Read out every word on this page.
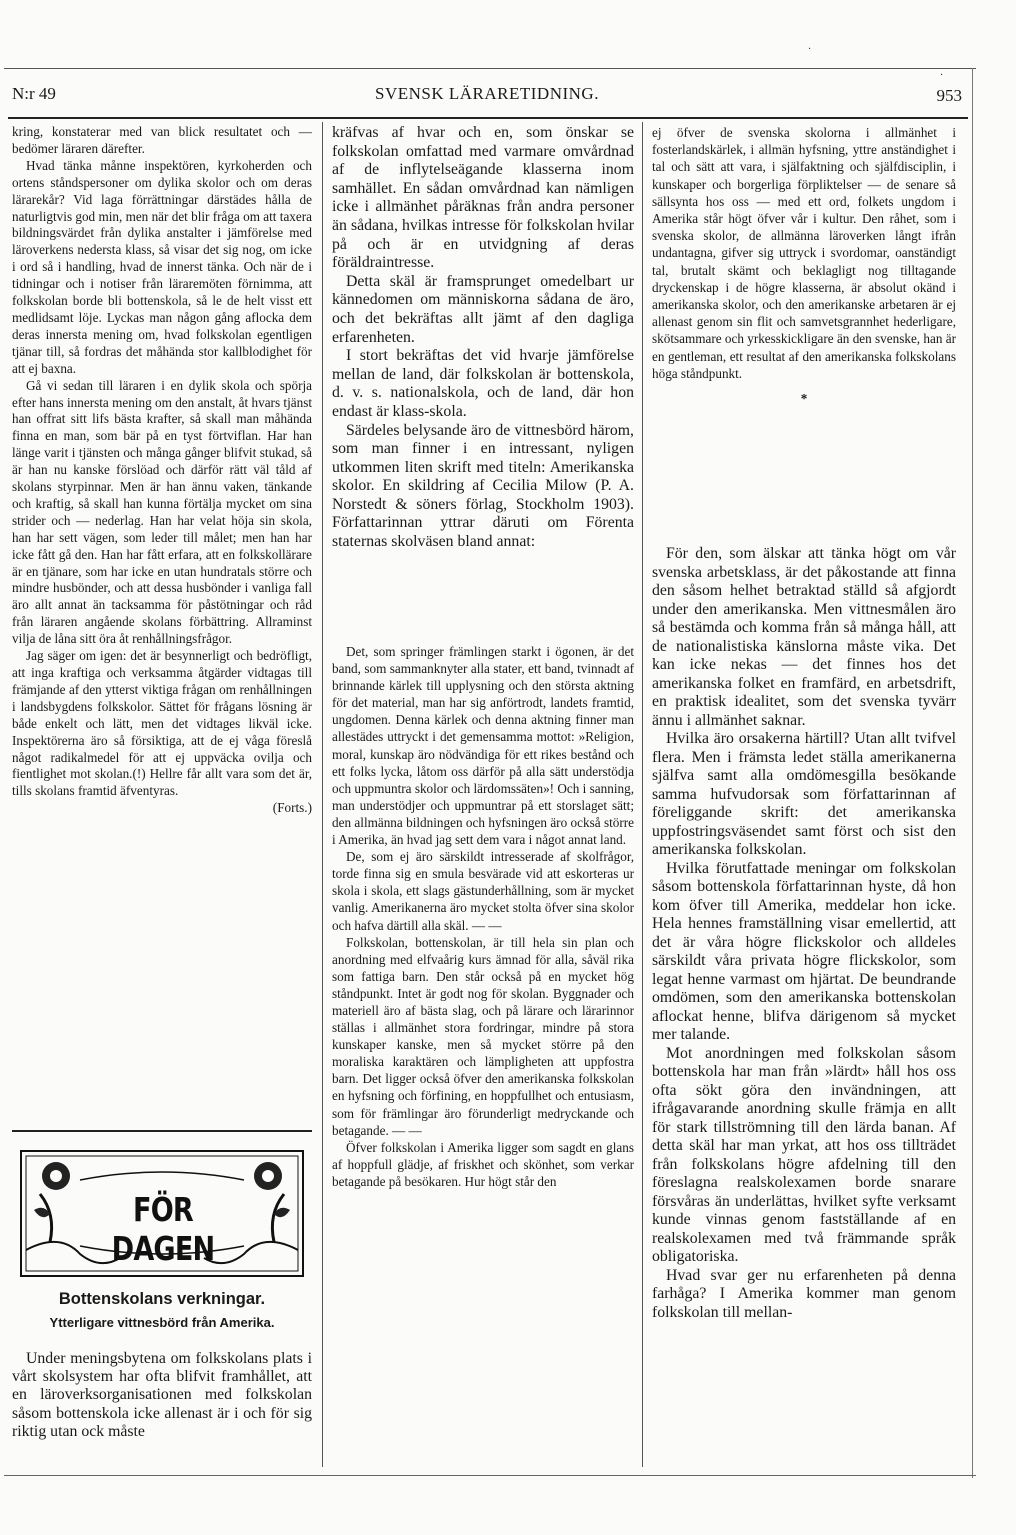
·
·
N:r 49	SVENSK LÄRARETIDNING.	953

kring, konstaterar med van blick resultatet och — bedömer läraren därefter.

Hvad tänka månne inspektören, kyrkoherden och ortens ståndspersoner om dylika skolor och om deras lärarekår? Vid laga förrättningar därstädes hålla de naturligtvis god min, men när det blir fråga om att taxera bildningsvärdet från dylika anstalter i jämförelse med läroverkens nedersta klass, så visar det sig nog, om icke i ord så i handling, hvad de innerst tänka. Och när de i tidningar och i notiser från läraremöten förnimma, att folkskolan borde bli bottenskola, så le de helt visst ett medlidsamt löje. Lyckas man någon gång aflocka dem deras innersta mening om, hvad folkskolan egentligen tjänar till, så fordras det måhända stor kallblodighet för att ej baxna.

Gå vi sedan till läraren i en dylik skola och spörja efter hans innersta mening om den anstalt, åt hvars tjänst han offrat sitt lifs bästa krafter, så skall man måhända finna en man, som bär på en tyst förtviflan. Har han länge varit i tjänsten och många gånger blifvit stukad, så är han nu kanske förslöad och därför rätt väl tåld af skolans styrpinnar. Men är han ännu vaken, tänkande och kraftig, så skall han kunna förtälja mycket om sina strider och — nederlag. Han har velat höja sin skola, han har sett vägen, som leder till målet; men han har icke fått gå den. Han har fått erfara, att en folkskollärare är en tjänare, som har icke en utan hundratals större och mindre husbönder, och att dessa husbönder i vanliga fall äro allt annat än tacksamma för påstötningar och råd från läraren angående skolans förbättring. Allraminst vilja de låna sitt öra åt renhållningsfrågor.

Jag säger om igen: det är besynnerligt och bedröfligt, att inga kraftiga och verksamma åtgärder vidtagas till främjande af den ytterst viktiga frågan om renhållningen i landsbygdens folkskolor. Sättet för frågans lösning är både enkelt och lätt, men det vidtages likväl icke. Inspektörerna äro så försiktiga, att de ej våga föreslå något radikalmedel för att ej uppväcka ovilja och fientlighet mot skolan.(!) Hellre får allt vara som det är, tills skolans framtid äfventyras.

(Forts.)

FÖR DAGEN
Bottenskolans verkningar.
Ytterligare vittnesbörd från Amerika.

Under meningsbytena om folkskolans plats i vårt skolsystem har ofta blifvit framhållet, att en läroverksorganisationen med folkskolan såsom bottenskola icke allenast är i och för sig riktig utan ock måste

kräfvas af hvar och en, som önskar se folkskolan omfattad med varmare omvårdnad af de inflytelseägande klasserna inom samhället. En sådan omvårdnad kan nämligen icke i allmänhet påräknas från andra personer än sådana, hvilkas intresse för folkskolan hvilar på och är en utvidgning af deras föräldraintresse.

Detta skäl är framsprunget omedelbart ur kännedomen om människorna sådana de äro, och det bekräftas allt jämt af den dagliga erfarenheten.

I stort bekräftas det vid hvarje jämförelse mellan de land, där folkskolan är bottenskola, d. v. s. nationalskola, och de land, där hon endast är klass-skola.

Särdeles belysande äro de vittnesbörd härom, som man finner i en intressant, nyligen utkommen liten skrift med titeln: Amerikanska skolor. En skildring af Cecilia Milow (P. A. Norstedt & söners förlag, Stockholm 1903). Författarinnan yttrar däruti om Förenta staternas skolväsen bland annat:

Det, som springer främlingen starkt i ögonen, är det band, som sammanknyter alla stater, ett band, tvinnadt af brinnande kärlek till upplysning och den största aktning för det material, man har sig anförtrodt, landets framtid, ungdomen. Denna kärlek och denna aktning finner man allestädes uttryckt i det gemensamma mottot: »Religion, moral, kunskap äro nödvändiga för ett rikes bestånd och ett folks lycka, låtom oss därför på alla sätt understödja och uppmuntra skolor och lärdomssäten»! Och i sanning, man understödjer och uppmuntrar på ett storslaget sätt; den allmänna bildningen och hyfsningen äro också större i Amerika, än hvad jag sett dem vara i något annat land.

De, som ej äro särskildt intresserade af skolfrågor, torde finna sig en smula besvärade vid att eskorteras ur skola i skola, ett slags gästunderhållning, som är mycket vanlig. Amerikanerna äro mycket stolta öfver sina skolor och hafva därtill alla skäl. — —

Folkskolan, bottenskolan, är till hela sin plan och anordning med elfvaårig kurs ämnad för alla, såväl rika som fattiga barn. Den står också på en mycket hög ståndpunkt. Intet är godt nog för skolan. Byggnader och materiell äro af bästa slag, och på lärare och lärarinnor ställas i allmänhet stora fordringar, mindre på stora kunskaper kanske, men så mycket större på den moraliska karaktären och lämpligheten att uppfostra barn. Det ligger också öfver den amerikanska folkskolan en hyfsning och förfining, en hoppfullhet och entusiasm, som för främlingar äro förunderligt medryckande och betagande. — —

Öfver folkskolan i Amerika ligger som sagdt en glans af hoppfull glädje, af friskhet och skönhet, som verkar betagande på besökaren. Hur högt står den

ej öfver de svenska skolorna i allmänhet i fosterlandskärlek, i allmän hyfsning, yttre anständighet i tal och sätt att vara, i själfaktning och själfdisciplin, i kunskaper och borgerliga förpliktelser — de senare så sällsynta hos oss — med ett ord, folkets ungdom i Amerika står högt öfver vår i kultur. Den råhet, som i svenska skolor, de allmänna läroverken långt ifrån undantagna, gifver sig uttryck i svordomar, oanständigt tal, brutalt skämt och beklagligt nog tilltagande dryckenskap i de högre klasserna, är absolut okänd i amerikanska skolor, och den amerikanske arbetaren är ej allenast genom sin flit och samvetsgrannhet hederligare, skötsammare och yrkesskickligare än den svenske, han är en gentleman, ett resultat af den amerikanska folkskolans höga ståndpunkt.

*

För den, som älskar att tänka högt om vår svenska arbetsklass, är det påkostande att finna den såsom helhet betraktad ställd så afgjordt under den amerikanska. Men vittnesmålen äro så bestämda och komma från så många håll, att de nationalistiska känslorna måste vika. Det kan icke nekas — det finnes hos det amerikanska folket en framfärd, en arbetsdrift, en praktisk idealitet, som det svenska tyvärr ännu i allmänhet saknar.

Hvilka äro orsakerna härtill? Utan allt tvifvel flera. Men i främsta ledet ställa amerikanerna själfva samt alla omdömesgilla besökande samma hufvudorsak som författarinnan af föreliggande skrift: det amerikanska uppfostringsväsendet samt först och sist den amerikanska folkskolan.

Hvilka förutfattade meningar om folkskolan såsom bottenskola författarinnan hyste, då hon kom öfver till Amerika, meddelar hon icke. Hela hennes framställning visar emellertid, att det är våra högre flickskolor och alldeles särskildt våra privata högre flickskolor, som legat henne varmast om hjärtat. De beundrande omdömen, som den amerikanska bottenskolan aflockat henne, blifva därigenom så mycket mer talande.

Mot anordningen med folkskolan såsom bottenskola har man från »lärdt» håll hos oss ofta sökt göra den invändningen, att ifrågavarande anordning skulle främja en allt för stark tillströmning till den lärda banan. Af detta skäl har man yrkat, att hos oss tillträdet från folkskolans högre afdelning till den föreslagna realskolexamen borde snarare försvåras än underlättas, hvilket syfte verksamt kunde vinnas genom fastställande af en realskolexamen med två främmande språk obligatoriska.

Hvad svar ger nu erfarenheten på denna farhåga? I Amerika kommer man genom folkskolan till mellan-
